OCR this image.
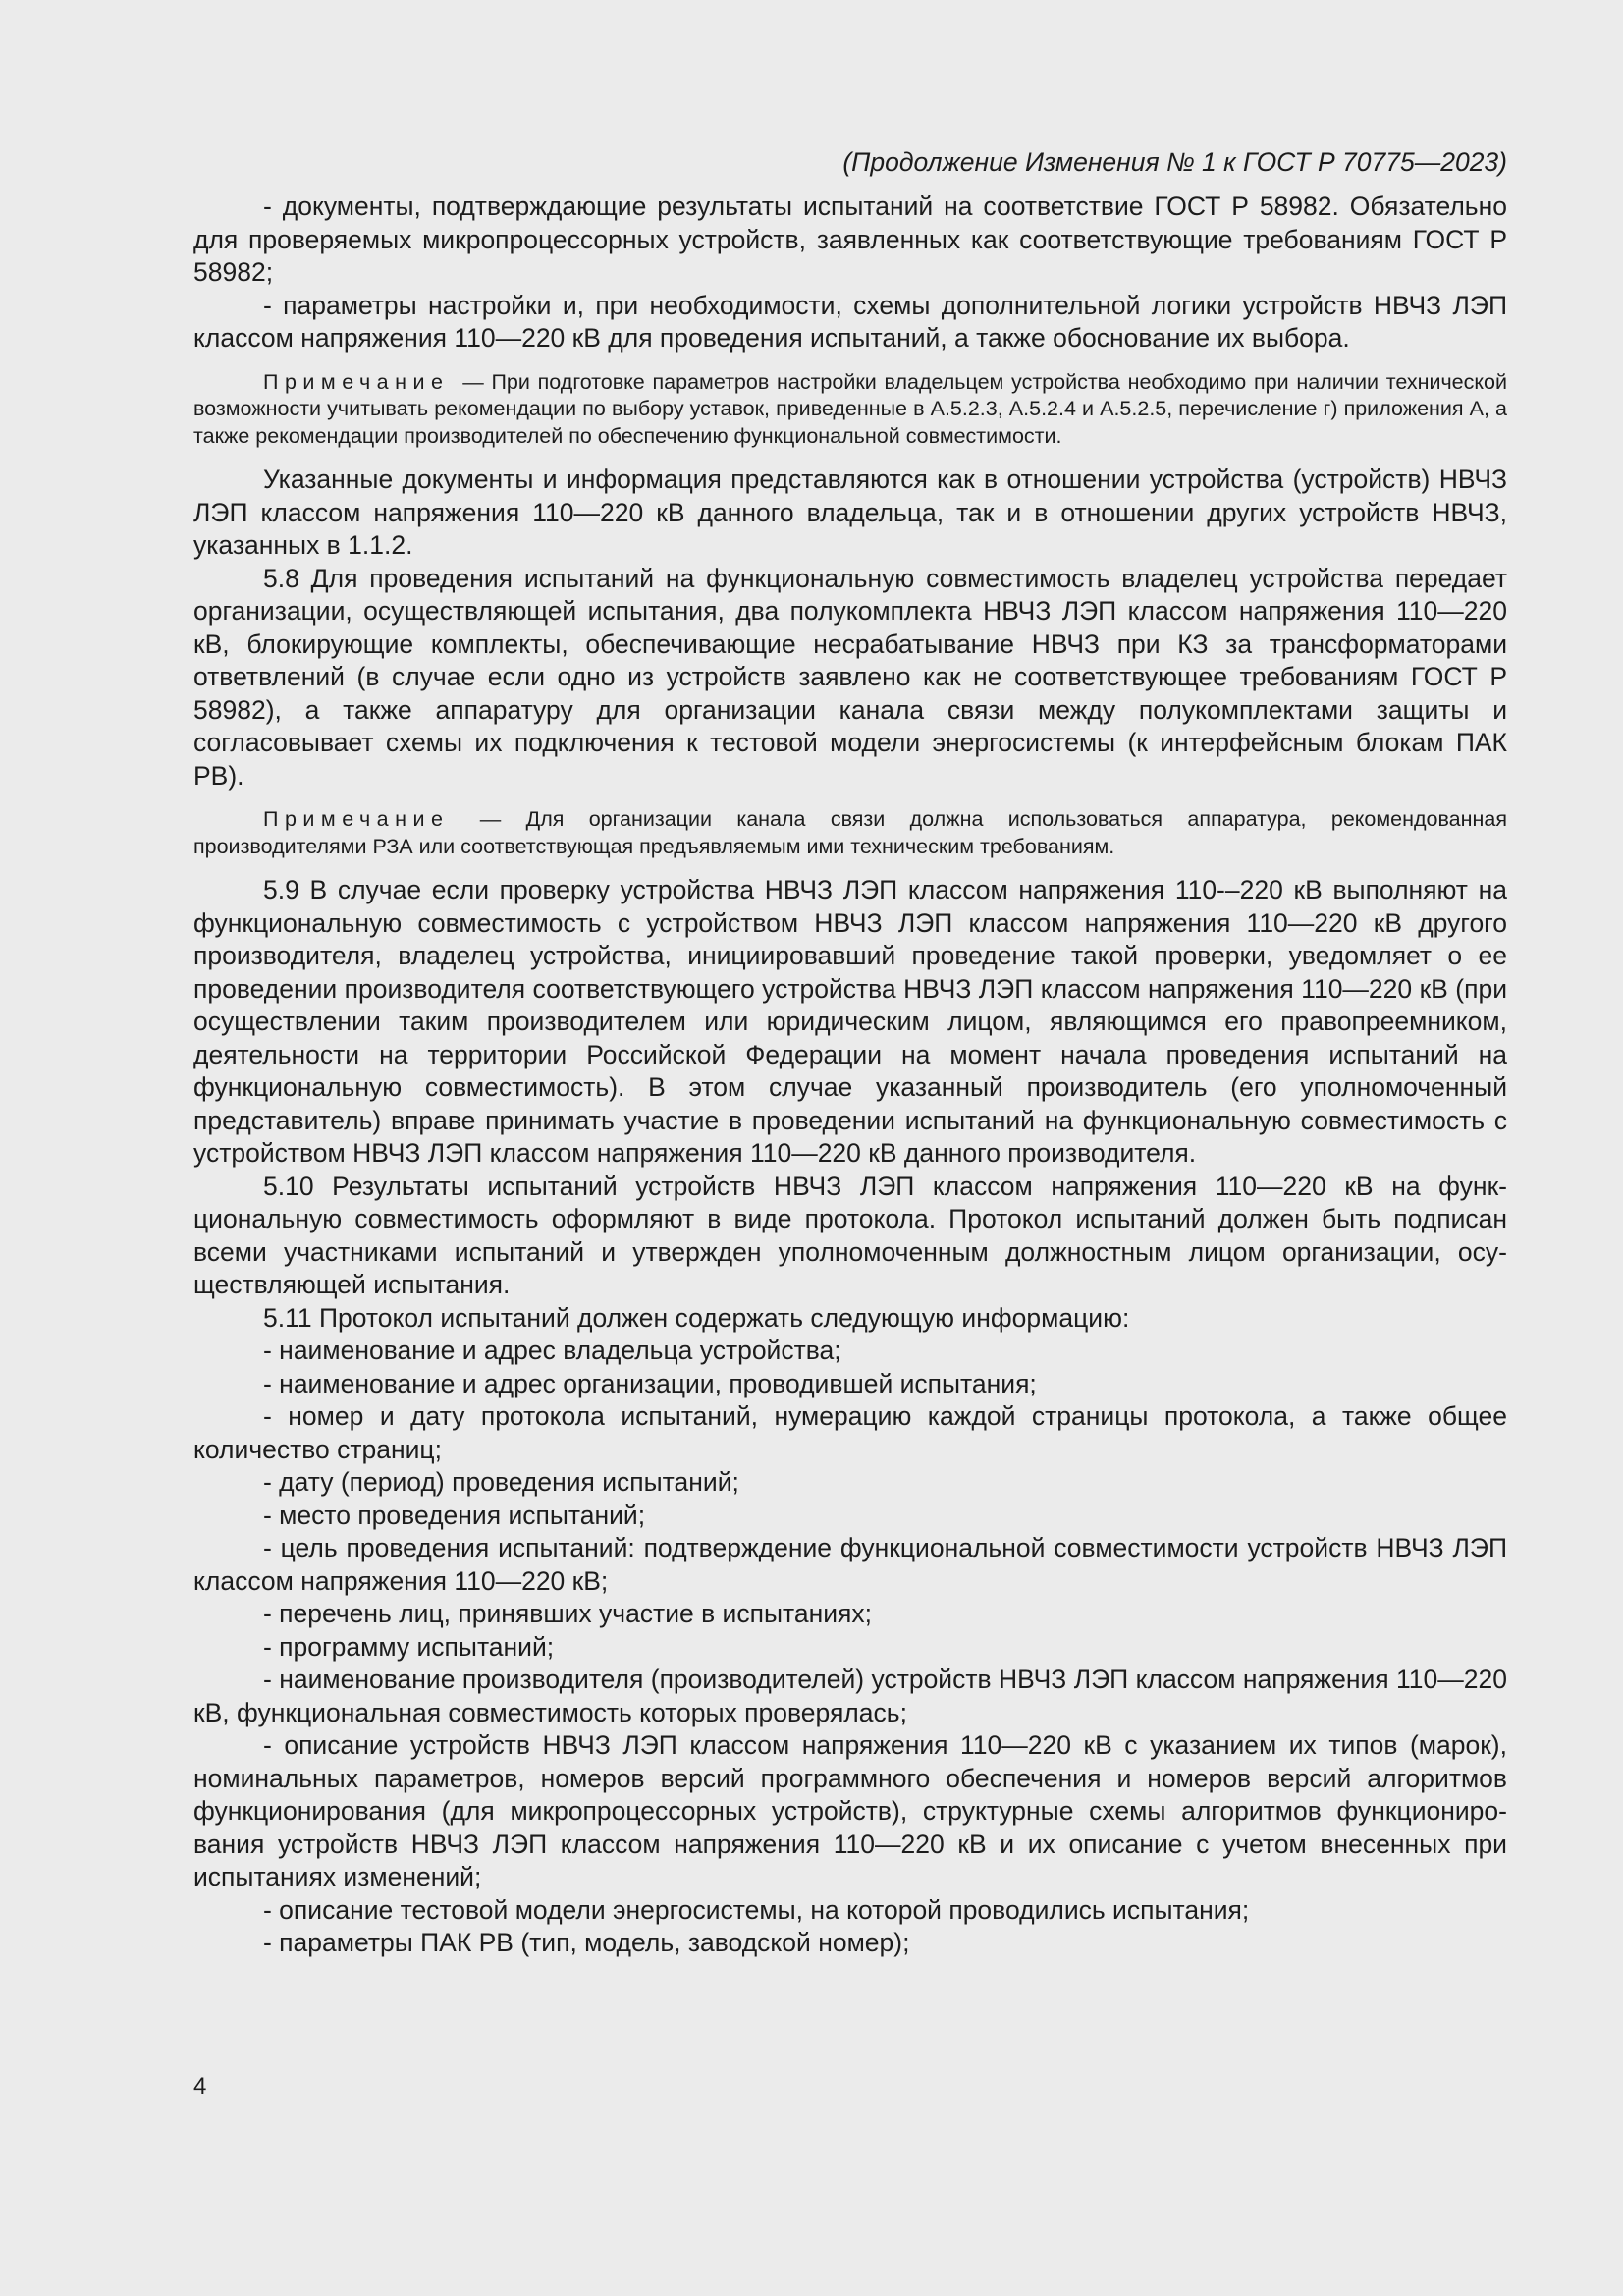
(Продолжение Изменения № 1 к ГОСТ Р 70775—2023)

- документы, подтверждающие результаты испытаний на соответствие ГОСТ Р 58982. Обязательно для проверяемых микропроцессорных устройств, заявленных как соответствующие требованиям ГОСТ Р 58982;

- параметры настройки и, при необходимости, схемы дополнительной логики устройств НВЧЗ ЛЭП классом напряжения 110—220 кВ для проведения испытаний, а также обоснование их выбора.

Примечание — При подготовке параметров настройки владельцем устройства необходимо при наличии технической возможности учитывать рекомендации по выбору уставок, приведенные в А.5.2.3, А.5.2.4 и А.5.2.5, перечисление г) приложения А, а также рекомендации производителей по обеспечению функциональной совместимости.

Указанные документы и информация представляются как в отношении устройства (устройств) НВЧЗ ЛЭП классом напряжения 110—220 кВ данного владельца, так и в отношении других устройств НВЧЗ, указанных в 1.1.2.

5.8 Для проведения испытаний на функциональную совместимость владелец устройства передает организации, осуществляющей испытания, два полукомплекта НВЧЗ ЛЭП классом напряжения 110—220 кВ, блокирующие комплекты, обеспечивающие несрабатывание НВЧЗ при КЗ за трансформаторами ответвлений (в случае если одно из устройств заявлено как не соответствующее требованиям ГОСТ Р 58982), а также аппаратуру для организации канала связи между полукомплектами защиты и согласовывает схемы их подключения к тестовой модели энергосистемы (к интерфейсным блокам ПАК РВ).

Примечание — Для организации канала связи должна использоваться аппаратура, рекомендованная производителями РЗА или соответствующая предъявляемым ими техническим требованиям.

5.9 В случае если проверку устройства НВЧЗ ЛЭП классом напряжения 110-–220 кВ выполняют на функциональную совместимость с устройством НВЧЗ ЛЭП классом напряжения 110—220 кВ другого производителя, владелец устройства, инициировавший проведение такой проверки, уведомляет о ее проведении производителя соответствующего устройства НВЧЗ ЛЭП классом напряжения 110—220 кВ (при осуществлении таким производителем или юридическим лицом, являющимся его правопреемником, деятельности на территории Российской Федерации на момент начала проведения испытаний на функциональную совместимость). В этом случае указанный производитель (его уполномоченный представитель) вправе принимать участие в проведении испытаний на функциональную совместимость с устройством НВЧЗ ЛЭП классом напряжения 110—220 кВ данного производителя.

5.10 Результаты испытаний устройств НВЧЗ ЛЭП классом напряжения 110—220 кВ на функциональную совместимость оформляют в виде протокола. Протокол испытаний должен быть подписан всеми участниками испытаний и утвержден уполномоченным должностным лицом организации, осуществляющей испытания.

5.11 Протокол испытаний должен содержать следующую информацию:

- наименование и адрес владельца устройства;

- наименование и адрес организации, проводившей испытания;

- номер и дату протокола испытаний, нумерацию каждой страницы протокола, а также общее количество страниц;

- дату (период) проведения испытаний;

- место проведения испытаний;

- цель проведения испытаний: подтверждение функциональной совместимости устройств НВЧЗ ЛЭП классом напряжения 110—220 кВ;

- перечень лиц, принявших участие в испытаниях;

- программу испытаний;

- наименование производителя (производителей) устройств НВЧЗ ЛЭП классом напряжения 110—220 кВ, функциональная совместимость которых проверялась;

- описание устройств НВЧЗ ЛЭП классом напряжения 110—220 кВ с указанием их типов (марок), номинальных параметров, номеров версий программного обеспечения и номеров версий алгоритмов функционирования (для микропроцессорных устройств), структурные схемы алгоритмов функционирования устройств НВЧЗ ЛЭП классом напряжения 110—220 кВ и их описание с учетом внесенных при испытаниях изменений;

- описание тестовой модели энергосистемы, на которой проводились испытания;

- параметры ПАК РВ (тип, модель, заводской номер);

4
